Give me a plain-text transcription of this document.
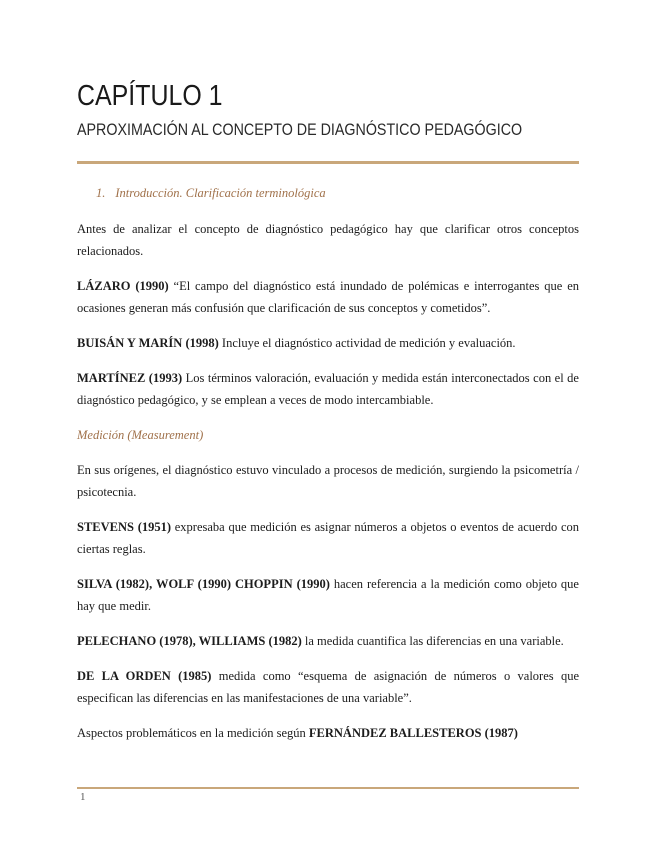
CAPÍTULO 1
APROXIMACIÓN AL CONCEPTO DE DIAGNÓSTICO PEDAGÓGICO
1. Introducción. Clarificación terminológica

Antes de analizar el concepto de diagnóstico pedagógico hay que clarificar otros conceptos relacionados.

LÁZARO (1990) “El campo del diagnóstico está inundado de polémicas e interrogantes que en ocasiones generan más confusión que clarificación de sus conceptos y cometidos”.

BUISÁN Y MARÍN (1998) Incluye el diagnóstico actividad de medición y evaluación.

MARTÍNEZ (1993) Los términos valoración, evaluación y medida están interconectados con el de diagnóstico pedagógico, y se emplean a veces de modo intercambiable.

Medición (Measurement)

En sus orígenes, el diagnóstico estuvo vinculado a procesos de medición, surgiendo la psicometría / psicotecnia.

STEVENS (1951) expresaba que medición es asignar números a objetos o eventos de acuerdo con ciertas reglas.

SILVA (1982), WOLF (1990) CHOPPIN (1990) hacen referencia a la medición como objeto que hay que medir.

PELECHANO (1978), WILLIAMS (1982) la medida cuantifica las diferencias en una variable.

DE LA ORDEN (1985) medida como “esquema de asignación de números o valores que especifican las diferencias en las manifestaciones de una variable”.

Aspectos problemáticos en la medición según FERNÁNDEZ BALLESTEROS (1987)

1
